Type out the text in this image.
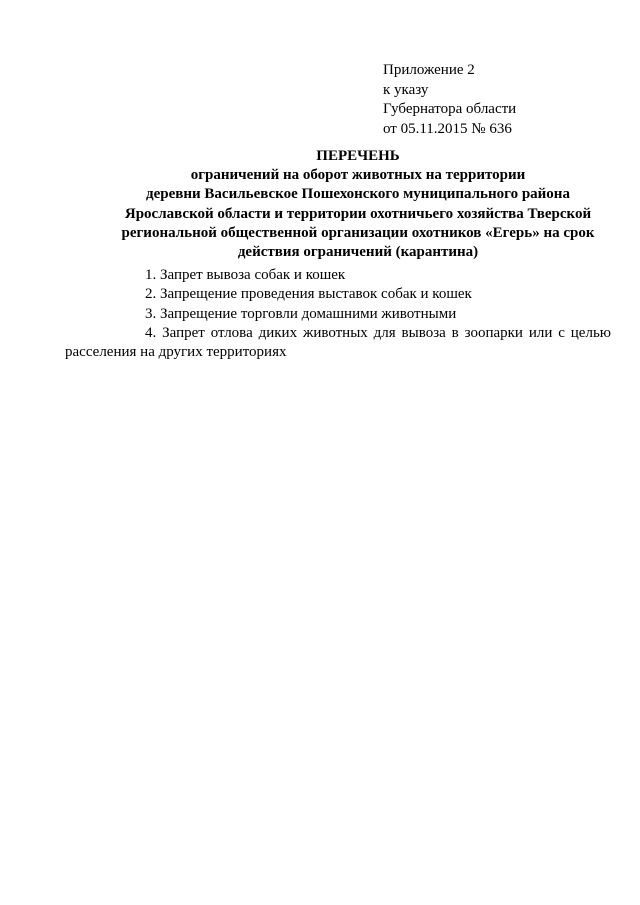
Приложение 2
к указу
Губернатора области
от 05.11.2015 № 636
ПЕРЕЧЕНЬ
ограничений на оборот животных на территории
деревни Васильевское Пошехонского муниципального района
Ярославской области и территории охотничьего хозяйства Тверской
региональной общественной организации охотников «Егерь» на срок
действия ограничений (карантина)
1. Запрет вывоза собак и кошек
2. Запрещение проведения выставок собак и кошек
3. Запрещение торговли домашними животными
4. Запрет отлова диких животных для вывоза в зоопарки или с целью
расселения на других территориях
